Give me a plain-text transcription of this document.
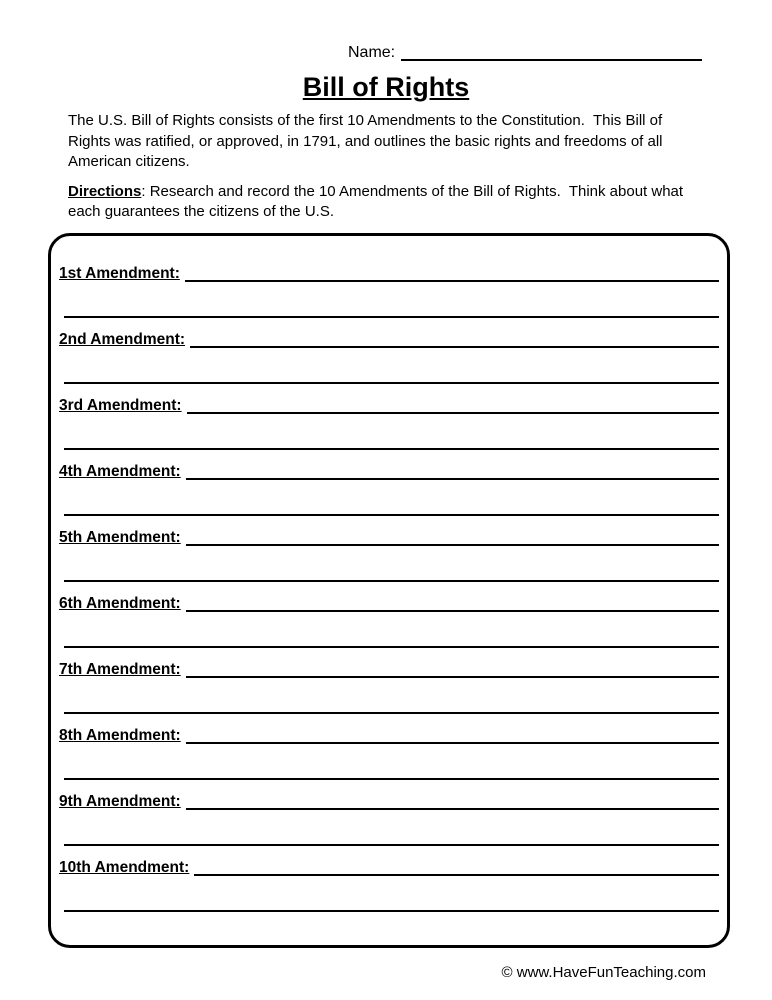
Name:
Bill of Rights

The U.S. Bill of Rights consists of the first 10 Amendments to the Constitution.  This Bill of Rights was ratified, or approved, in 1791, and outlines the basic rights and freedoms of all American citizens.

Directions: Research and record the 10 Amendments of the Bill of Rights.  Think about what each guarantees the citizens of the U.S.

1st Amendment:
2nd Amendment:
3rd Amendment:
4th Amendment:
5th Amendment:
6th Amendment:
7th Amendment:
8th Amendment:
9th Amendment:
10th Amendment:
© www.HaveFunTeaching.com
